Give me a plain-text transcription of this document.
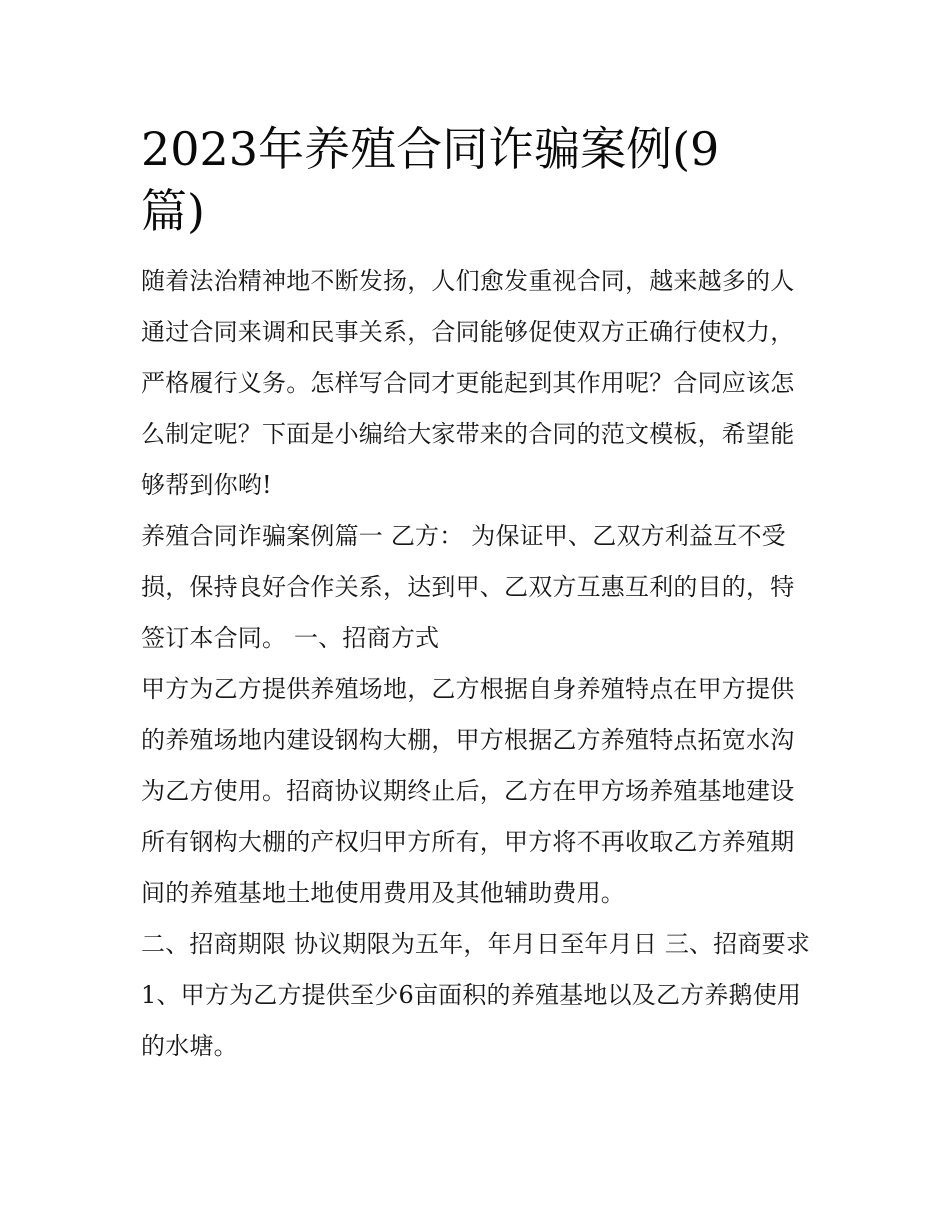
2023年养殖合同诈骗案例(9篇)

随着法治精神地不断发扬，人们愈发重视合同，越来越多的人通过合同来调和民事关系，合同能够促使双方正确行使权力，严格履行义务。怎样写合同才更能起到其作用呢？合同应该怎么制定呢？下面是小编给大家带来的合同的范文模板，希望能够帮到你哟!

养殖合同诈骗案例篇一 乙方： 为保证甲、乙双方利益互不受损，保持良好合作关系，达到甲、乙双方互惠互利的目的，特签订本合同。 一、招商方式

甲方为乙方提供养殖场地，乙方根据自身养殖特点在甲方提供的养殖场地内建设钢构大棚，甲方根据乙方养殖特点拓宽水沟为乙方使用。招商协议期终止后，乙方在甲方场养殖基地建设所有钢构大棚的产权归甲方所有，甲方将不再收取乙方养殖期间的养殖基地土地使用费用及其他辅助费用。

二、招商期限 协议期限为五年，年月日至年月日 三、招商要求 1、甲方为乙方提供至少6亩面积的养殖基地以及乙方养鹅使用的水塘。
